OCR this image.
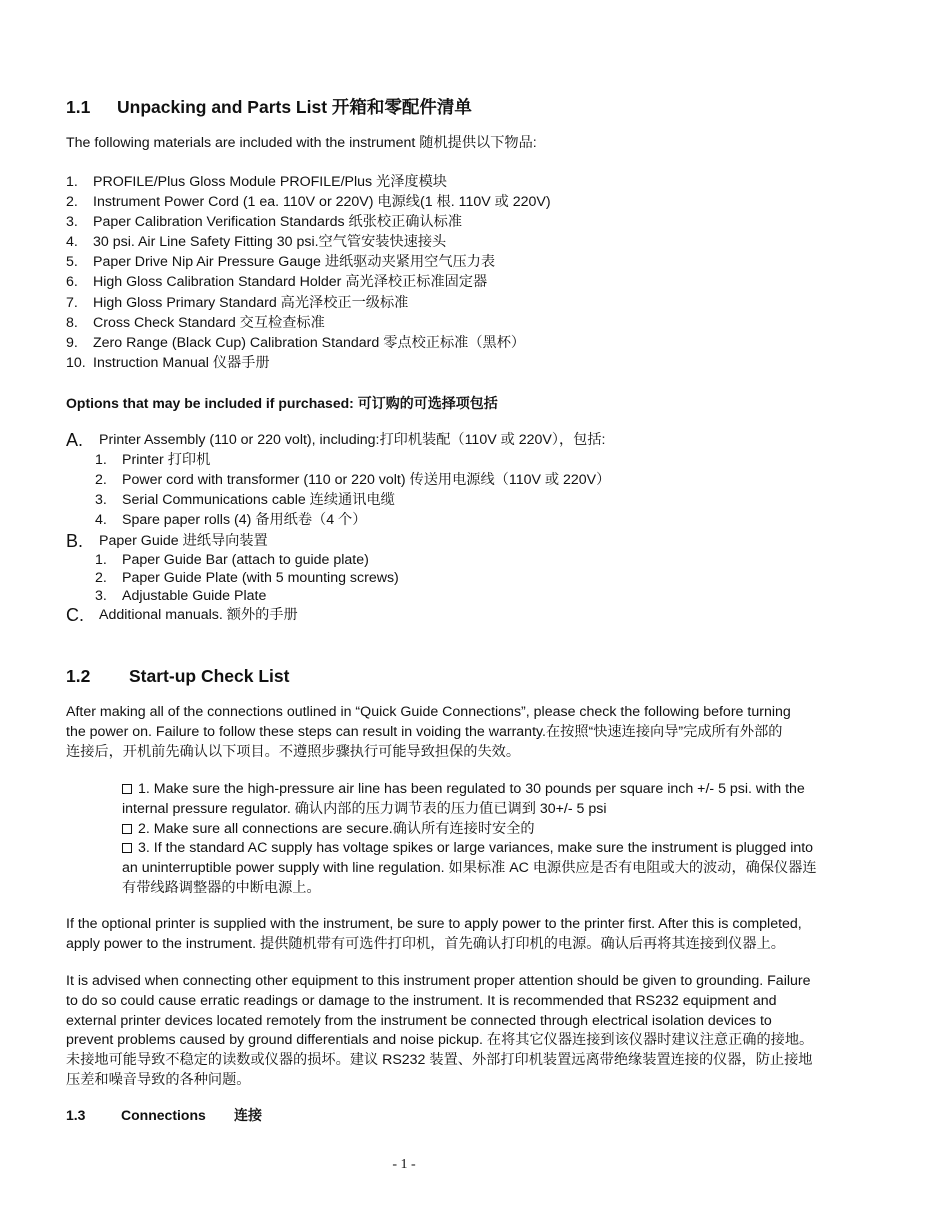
1.1 Unpacking and Parts List 开箱和零配件清单
The following materials are included with the instrument 随机提供以下物品:
1.	PROFILE/Plus Gloss Module PROFILE/Plus 光泽度模块
2.	Instrument Power Cord (1 ea. 110V or 220V) 电源线(1 根. 110V 或 220V)
3.	Paper Calibration Verification Standards 纸张校正确认标准
4.	30 psi. Air Line Safety Fitting 30 psi.空气管安装快速接头
5.	Paper Drive Nip Air Pressure Gauge 进纸驱动夹紧用空气压力表
6.	High Gloss Calibration Standard Holder 高光泽校正标准固定器
7.	High Gloss Primary Standard 高光泽校正一级标准
8.	Cross Check Standard 交互检查标准
9.	Zero Range (Black Cup) Calibration Standard 零点校正标准（黑杯）
10. Instruction Manual 仪器手册
Options that may be included if purchased: 可订购的可选择项包括
A.	Printer Assembly (110 or 220 volt), including:打印机装配（110V 或 220V），包括:
1.	Printer 打印机
2.	Power cord with transformer (110 or 220 volt) 传送用电源线（110V 或 220V）
3.	Serial Communications cable 连续通讯电缆
4.	Spare paper rolls (4) 备用纸卷（4 个）
B.	Paper Guide 进纸导向装置
1.	Paper Guide Bar (attach to guide plate)
2.	Paper Guide Plate (with 5 mounting screws)
3.	Adjustable Guide Plate
C.	Additional manuals. 额外的手册
1.2 Start-up Check List
After making all of the connections outlined in “Quick Guide Connections”, please check the following before turning
the power on. Failure to follow these steps can result in voiding the warranty.在按照“快速连接向导”完成所有外部的
连接后，开机前先确认以下项目。不遵照步骤执行可能导致担保的失效。
1. Make sure the high-pressure air line has been regulated to 30 pounds per square inch +/- 5 psi. with the
internal pressure regulator. 确认内部的压力调节表的压力值已调到 30+/- 5 psi
2. Make sure all connections are secure.确认所有连接时安全的
3. If the standard AC supply has voltage spikes or large variances, make sure the instrument is plugged into
an uninterruptible power supply with line regulation. 如果标准 AC 电源供应是否有电阻或大的波动，确保仪器连
有带线路调整器的中断电源上。
If the optional printer is supplied with the instrument, be sure to apply power to the printer first. After this is completed,
apply power to the instrument. 提供随机带有可选件打印机，首先确认打印机的电源。确认后再将其连接到仪器上。
It is advised when connecting other equipment to this instrument proper attention should be given to grounding. Failure
to do so could cause erratic readings or damage to the instrument. It is recommended that RS232 equipment and
external printer devices located remotely from the instrument be connected through electrical isolation devices to
prevent problems caused by ground differentials and noise pickup. 在将其它仪器连接到该仪器时建议注意正确的接地。
未接地可能导致不稳定的读数或仪器的损坏。建议 RS232 装置、外部打印机装置远离带绝缘装置连接的仪器，防止接地
压差和噪音导致的各种问题。
1.3	Connections 连接
- 1 -
